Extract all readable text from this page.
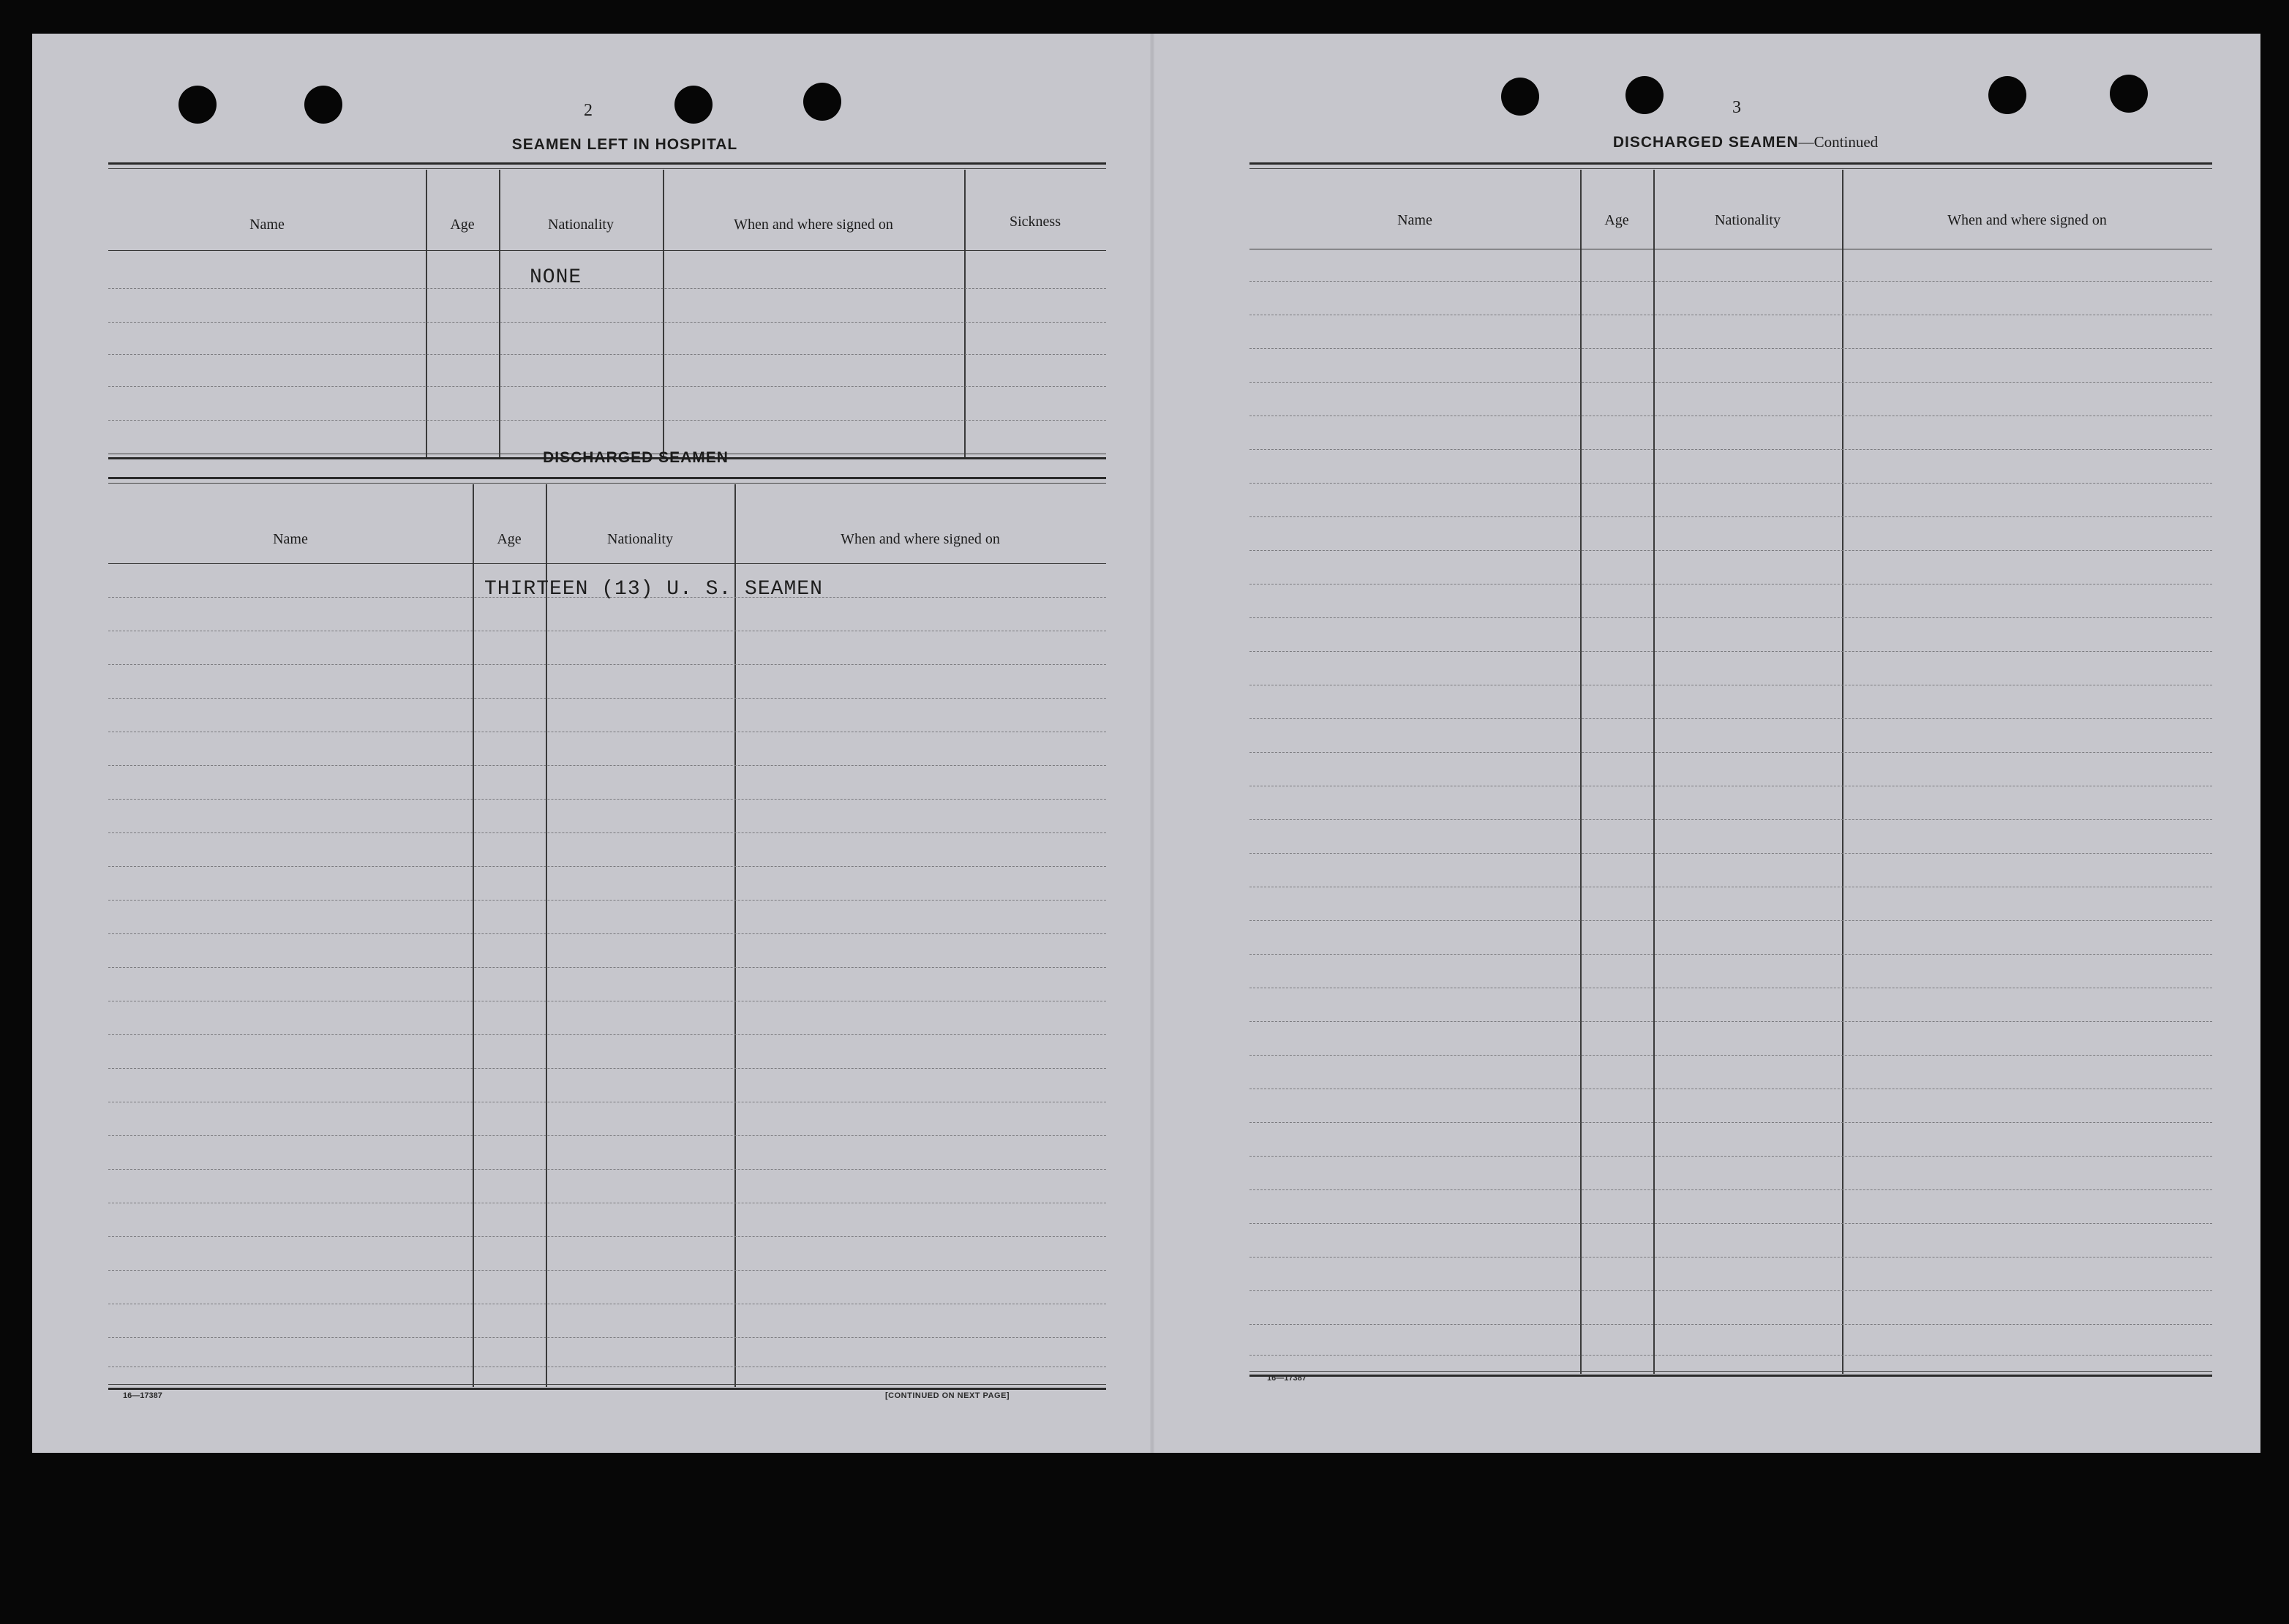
2
SEAMEN LEFT IN HOSPITAL
Name	Age	Nationality	When and where signed on	Sickness
NONE
DISCHARGED SEAMEN
Name	Age	Nationality	When and where signed on
THIRTEEN (13) U. S. SEAMEN
16—17387	[CONTINUED ON NEXT PAGE]
3
DISCHARGED SEAMEN—Continued
Name	Age	Nationality	When and where signed on
16—17387
